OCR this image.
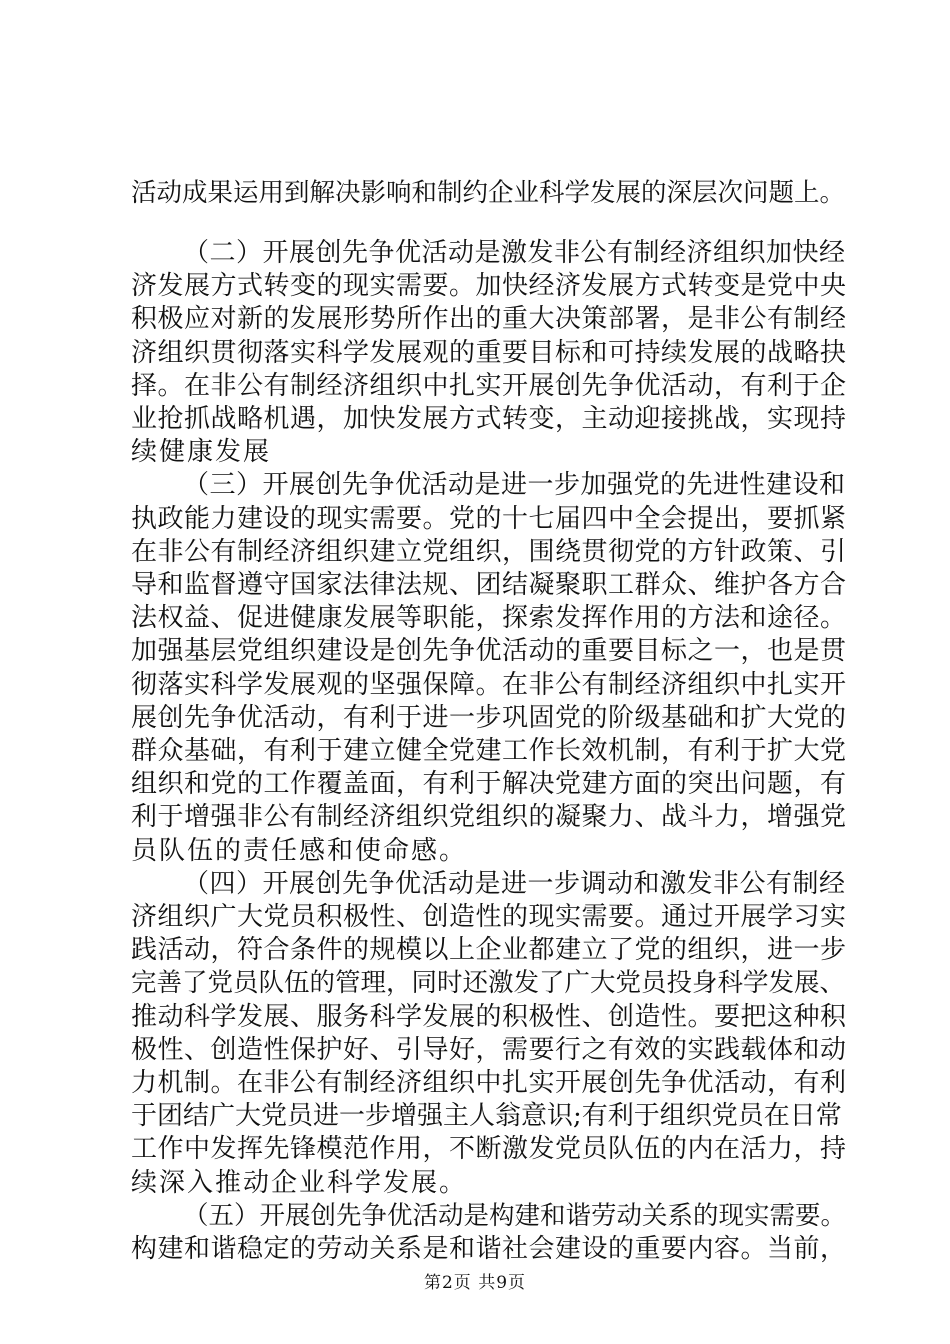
活动成果运用到解决影响和制约企业科学发展的深层次问题上。
（二）开展创先争优活动是激发非公有制经济组织加快经
济发展方式转变的现实需要。加快经济发展方式转变是党中央
积极应对新的发展形势所作出的重大决策部署，是非公有制经
济组织贯彻落实科学发展观的重要目标和可持续发展的战略抉
择。在非公有制经济组织中扎实开展创先争优活动，有利于企
业抢抓战略机遇，加快发展方式转变，主动迎接挑战，实现持
续健康发展
（三）开展创先争优活动是进一步加强党的先进性建设和
执政能力建设的现实需要。党的十七届四中全会提出，要抓紧
在非公有制经济组织建立党组织，围绕贯彻党的方针政策、引
导和监督遵守国家法律法规、团结凝聚职工群众、维护各方合
法权益、促进健康发展等职能，探索发挥作用的方法和途径。
加强基层党组织建设是创先争优活动的重要目标之一，也是贯
彻落实科学发展观的坚强保障。在非公有制经济组织中扎实开
展创先争优活动，有利于进一步巩固党的阶级基础和扩大党的
群众基础，有利于建立健全党建工作长效机制，有利于扩大党
组织和党的工作覆盖面，有利于解决党建方面的突出问题，有
利于增强非公有制经济组织党组织的凝聚力、战斗力，增强党
员队伍的责任感和使命感。
（四）开展创先争优活动是进一步调动和激发非公有制经
济组织广大党员积极性、创造性的现实需要。通过开展学习实
践活动，符合条件的规模以上企业都建立了党的组织，进一步
完善了党员队伍的管理，同时还激发了广大党员投身科学发展、
推动科学发展、服务科学发展的积极性、创造性。要把这种积
极性、创造性保护好、引导好，需要行之有效的实践载体和动
力机制。在非公有制经济组织中扎实开展创先争优活动，有利
于团结广大党员进一步增强主人翁意识;有利于组织党员在日常
工作中发挥先锋模范作用，不断激发党员队伍的内在活力，持
续深入推动企业科学发展。
（五）开展创先争优活动是构建和谐劳动关系的现实需要。
构建和谐稳定的劳动关系是和谐社会建设的重要内容。当前，
第2页 共9页
